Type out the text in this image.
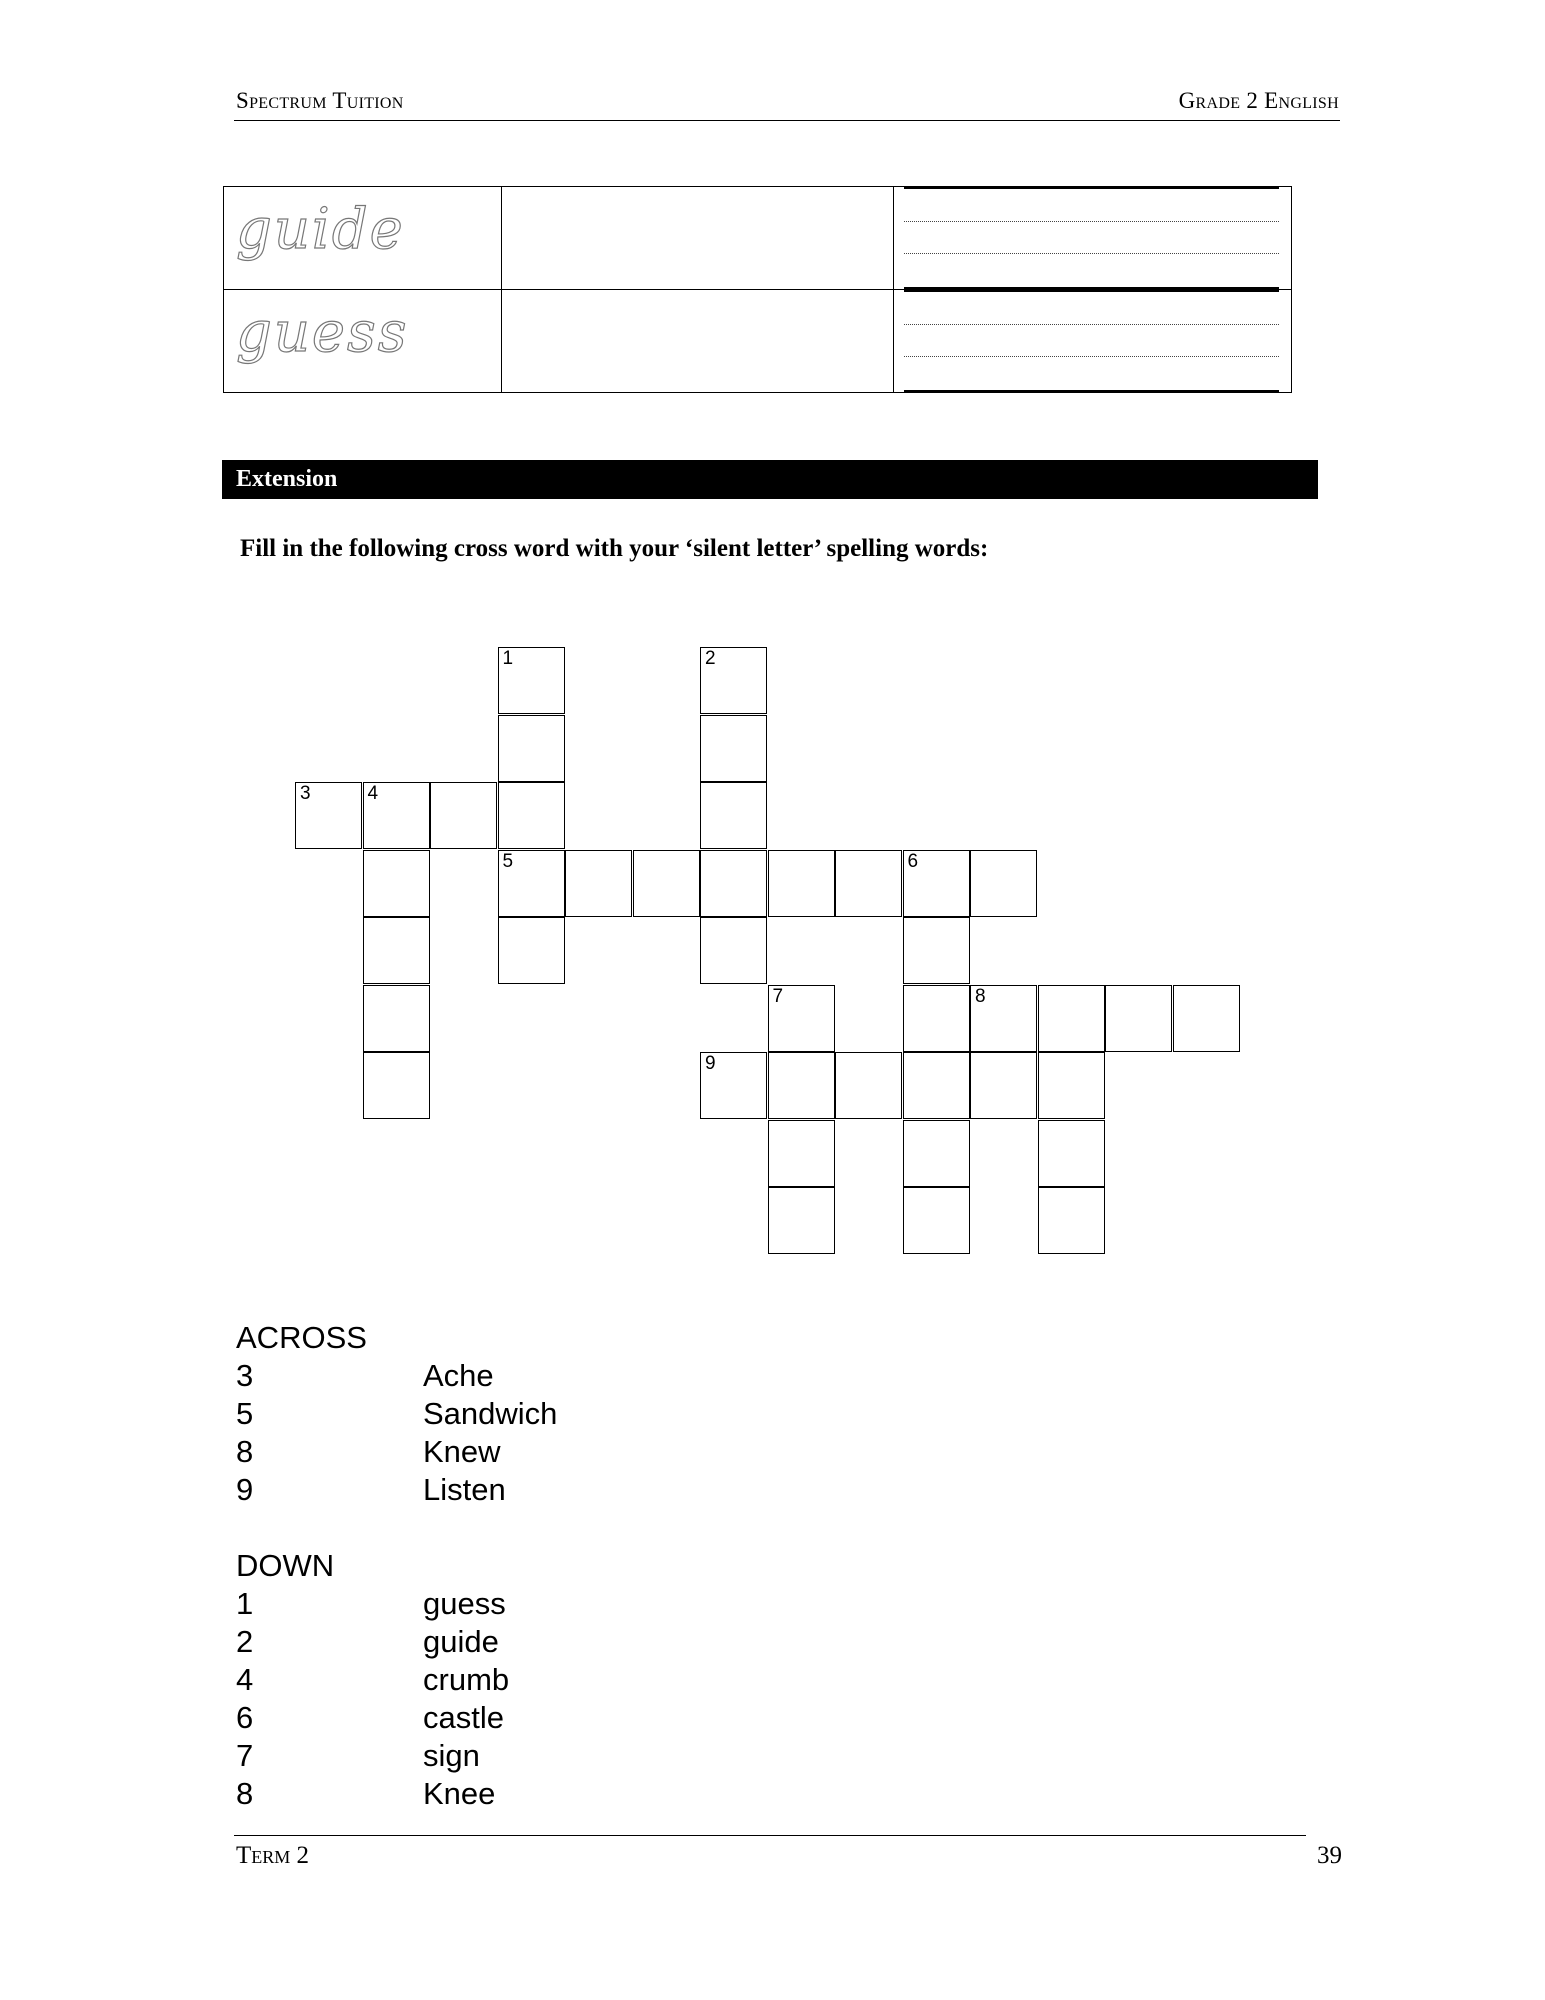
Spectrum Tuition	Grade 2 English
guide		

guess		

Extension
Fill in the following cross word with your ‘silent letter’ spelling words:
1	2
3	4
5	6
7	8
9
ACROSS
3	Ache
5	Sandwich
8	Knew
9	Listen
DOWN
1	guess
2	guide
4	crumb
6	castle
7	sign
8	Knee
Term 2	39
